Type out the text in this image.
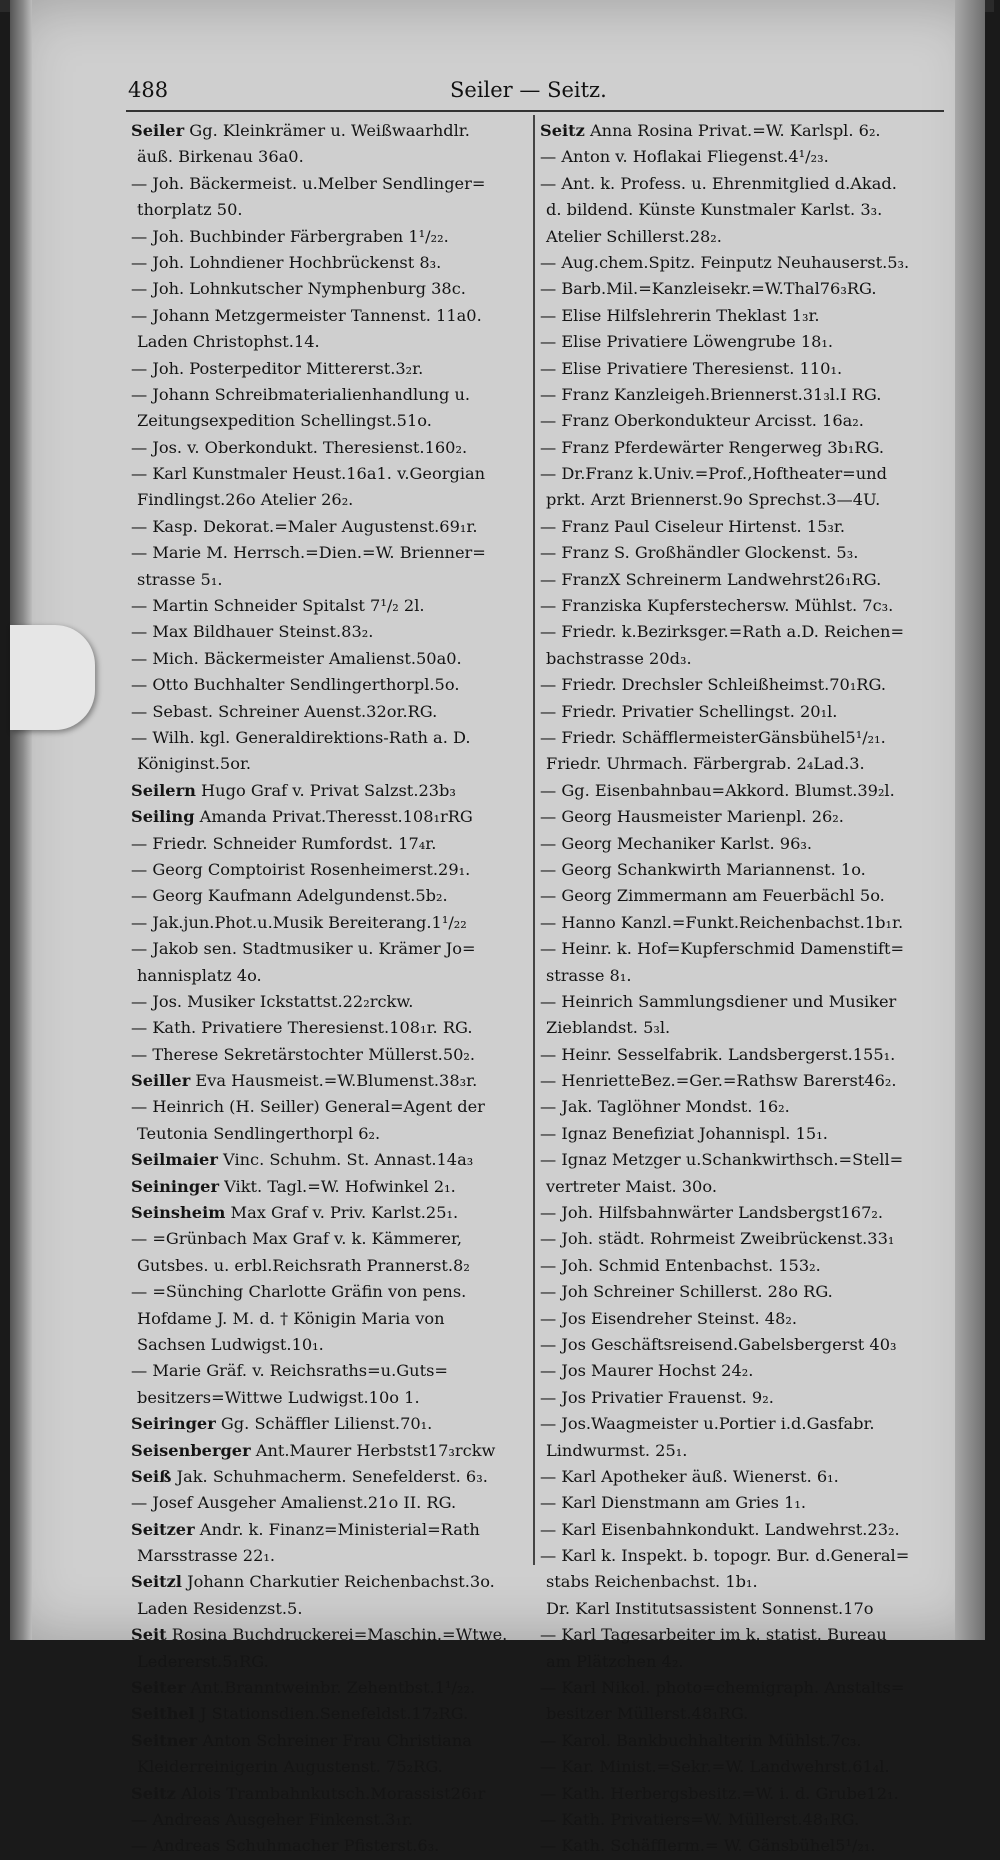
488	Seiler — Seitz.
Seiler Gg. Kleinkrämer u. Weißwaarhdlr.
äuß. Birkenau 36a0.
— Joh. Bäckermeist. u.Melber Sendlinger=
thorplatz 50.
— Joh. Buchbinder Färbergraben 1¹/₂₂.
— Joh. Lohndiener Hochbrückenst 8₃.
— Joh. Lohnkutscher Nymphenburg 38c.
— Johann Metzgermeister Tannenst. 11a0.
Laden Christophst.14.
— Joh. Posterpeditor Mittererst.3₂r.
— Johann Schreibmaterialienhandlung u.
Zeitungsexpedition Schellingst.51o.
— Jos. v. Oberkondukt. Theresienst.160₂.
— Karl Kunstmaler Heust.16a1. v.Georgian
Findlingst.26o Atelier 26₂.
— Kasp. Dekorat.=Maler Augustenst.69₁r.
— Marie M. Herrsch.=Dien.=W. Brienner=
strasse 5₁.
— Martin Schneider Spitalst 7¹/₂ 2l.
— Max Bildhauer Steinst.83₂.
— Mich. Bäckermeister Amalienst.50a0.
— Otto Buchhalter Sendlingerthorpl.5o.
— Sebast. Schreiner Auenst.32or.RG.
— Wilh. kgl. Generaldirektions-Rath a. D.
Königinst.5or.
Seilern Hugo Graf v. Privat Salzst.23b₃
Seiling Amanda Privat.Theresst.108₁rRG
— Friedr. Schneider Rumfordst. 17₄r.
— Georg Comptoirist Rosenheimerst.29₁.
— Georg Kaufmann Adelgundenst.5b₂.
— Jak.jun.Phot.u.Musik Bereiterang.1¹/₂₂
— Jakob sen. Stadtmusiker u. Krämer Jo=
hannisplatz 4o.
— Jos. Musiker Ickstattst.22₂rckw.
— Kath. Privatiere Theresienst.108₁r. RG.
— Therese Sekretärstochter Müllerst.50₂.
Seiller Eva Hausmeist.=W.Blumenst.38₃r.
— Heinrich (H. Seiller) General=Agent der
Teutonia Sendlingerthorpl 6₂.
Seilmaier Vinc. Schuhm. St. Annast.14a₃
Seininger Vikt. Tagl.=W. Hofwinkel 2₁.
Seinsheim Max Graf v. Priv. Karlst.25₁.
— =Grünbach Max Graf v. k. Kämmerer,
Gutsbes. u. erbl.Reichsrath Prannerst.8₂
— =Sünching Charlotte Gräfin von pens.
Hofdame J. M. d. † Königin Maria von
Sachsen Ludwigst.10₁.
— Marie Gräf. v. Reichsraths=u.Guts=
besitzers=Wittwe Ludwigst.10o 1.
Seiringer Gg. Schäffler Lilienst.70₁.
Seisenberger Ant.Maurer Herbstst17₃rckw
Seiß Jak. Schuhmacherm. Senefelderst. 6₃.
— Josef Ausgeher Amalienst.21o II. RG.
Seitzer Andr. k. Finanz=Ministerial=Rath
Marsstrasse 22₁.
Seitzl Johann Charkutier Reichenbachst.3o.
Laden Residenzst.5.
Seit Rosina Buchdruckerei=Maschin.=Wtwe.
Ledererst.5₁RG.
Seiter Ant.Branntweinbr. Zehentbst.1¹/₂₂.
Seithel J Stationsdien.Senefeldst.17₂RG.
Seitner Anton Schreiner Frau Christiana
Kleiderreinigerin Augustenst. 75₂RG.
Seitz Alois Trambahnkutsch.Morassist26₁r
— Andreas Ausgeher Finkenst.3₁r.
— Andreas Schuhmacher Pfisterst.6₃.
Seitz Anna Rosina Privat.=W. Karlspl. 6₂.
— Anton v. Hoflakai Fliegenst.4¹/₂₃.
— Ant. k. Profess. u. Ehrenmitglied d.Akad.
d. bildend. Künste Kunstmaler Karlst. 3₃.
Atelier Schillerst.28₂.
— Aug.chem.Spitz. Feinputz Neuhauserst.5₃.
— Barb.Mil.=Kanzleisekr.=W.Thal76₃RG.
— Elise Hilfslehrerin Theklast 1₃r.
— Elise Privatiere Löwengrube 18₁.
— Elise Privatiere Theresienst. 110₁.
— Franz Kanzleigeh.Briennerst.31₃l.I RG.
— Franz Oberkondukteur Arcisst. 16a₂.
— Franz Pferdewärter Rengerweg 3b₁RG.
— Dr.Franz k.Univ.=Prof.,Hoftheater=und
prkt. Arzt Briennerst.9o Sprechst.3—4U.
— Franz Paul Ciseleur Hirtenst. 15₃r.
— Franz S. Großhändler Glockenst. 5₃.
— FranzX Schreinerm Landwehrst26₁RG.
— Franziska Kupferstechersw. Mühlst. 7c₃.
— Friedr. k.Bezirksger.=Rath a.D. Reichen=
bachstrasse 20d₃.
— Friedr. Drechsler Schleißheimst.70₁RG.
— Friedr. Privatier Schellingst. 20₁l.
— Friedr. SchäfflermeisterGänsbühel5¹/₂₁.
Friedr. Uhrmach. Färbergrab. 2₄Lad.3.
— Gg. Eisenbahnbau=Akkord. Blumst.39₂l.
— Georg Hausmeister Marienpl. 26₂.
— Georg Mechaniker Karlst. 96₃.
— Georg Schankwirth Mariannenst. 1o.
— Georg Zimmermann am Feuerbächl 5o.
— Hanno Kanzl.=Funkt.Reichenbachst.1b₁r.
— Heinr. k. Hof=Kupferschmid Damenstift=
strasse 8₁.
— Heinrich Sammlungsdiener und Musiker
Zieblandst. 5₃l.
— Heinr. Sesselfabrik. Landsbergerst.155₁.
— HenrietteBez.=Ger.=Rathsw Barerst46₂.
— Jak. Taglöhner Mondst. 16₂.
— Ignaz Benefiziat Johannispl. 15₁.
— Ignaz Metzger u.Schankwirthsch.=Stell=
vertreter Maist. 30o.
— Joh. Hilfsbahnwärter Landsbergst167₂.
— Joh. städt. Rohrmeist Zweibrückenst.33₁
— Joh. Schmid Entenbachst. 153₂.
— Joh Schreiner Schillerst. 28o RG.
— Jos Eisendreher Steinst. 48₂.
— Jos Geschäftsreisend.Gabelsbergerst 40₃
— Jos Maurer Hochst 24₂.
— Jos Privatier Frauenst. 9₂.
— Jos.Waagmeister u.Portier i.d.Gasfabr.
Lindwurmst. 25₁.
— Karl Apotheker äuß. Wienerst. 6₁.
— Karl Dienstmann am Gries 1₁.
— Karl Eisenbahnkondukt. Landwehrst.23₂.
— Karl k. Inspekt. b. topogr. Bur. d.General=
stabs Reichenbachst. 1b₁.
Dr. Karl Institutsassistent Sonnenst.17o
— Karl Tagesarbeiter im k. statist. Bureau
am Plätzchen 4₂.
— Karl Nikol. photo=chemigraph. Anstalts=
besitzer Müllerst.48₁RG.
— Karol. Bankbuchhalterin Mühlst.7c₃.
— Kar. Minist.=Sekr.=W. Landwehrst.61₄l.
— Kath. Herbergsbesitz.=W. i. d. Grube12₁.
— Kath. Privatiers=W. Müllerst.48₁RG.
— Kath. Schäfflerm.= W. Gänsbühel5¹/₂₁.
